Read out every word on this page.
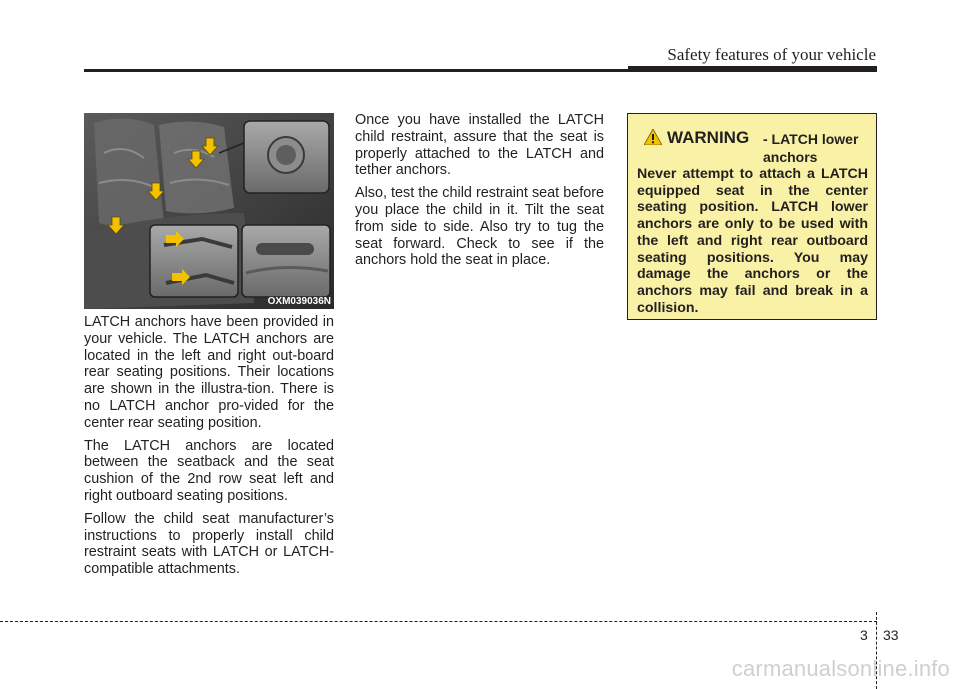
Safety features of your vehicle
OXM039036N

LATCH anchors have been provided in your vehicle. The LATCH anchors are located in the left and right out-board rear seating positions. Their locations are shown in the illustra-tion. There is no LATCH anchor pro-vided for the center rear seating position.

The LATCH anchors are located between the seatback and the seat cushion of the 2nd row seat left and right outboard seating positions.

Follow the child seat manufacturer’s instructions to properly install child restraint seats with LATCH or LATCH-compatible attachments.

Once you have installed the LATCH child restraint, assure that the seat is properly attached to the LATCH and tether anchors.

Also, test the child restraint seat before you place the child in it. Tilt the seat from side to side. Also try to tug the seat forward. Check to see if the anchors hold the seat in place.

WARNING - LATCH lower anchors
Never attempt to attach a LATCH equipped seat in the center seating position. LATCH lower anchors are only to be used with the left and right rear outboard seating positions. You may damage the anchors or the anchors may fail and break in a collision.
3 33
carmanualsonline.info
